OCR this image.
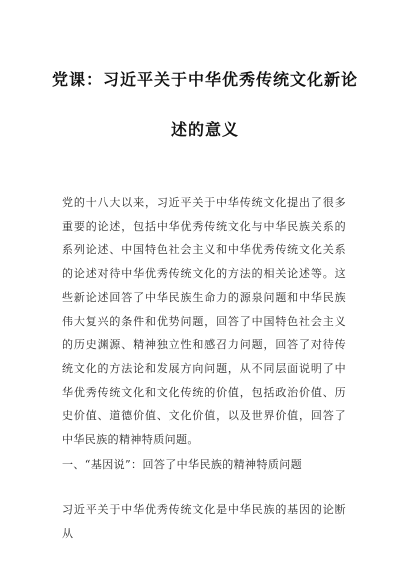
党课：习近平关于中华优秀传统文化新论
述的意义

党的十八大以来，习近平关于中华传统文化提出了很多重要的论述，包括中华优秀传统文化与中华民族关系的系列论述、中国特色社会主义和中华优秀传统文化关系的论述对待中华优秀传统文化的方法的相关论述等。这些新论述回答了中华民族生命力的源泉问题和中华民族伟大复兴的条件和优势问题，回答了中国特色社会主义的历史渊源、精神独立性和感召力问题，回答了对待传统文化的方法论和发展方向问题，从不同层面说明了中华优秀传统文化和文化传统的价值，包括政治价值、历史价值、道德价值、文化价值，以及世界价值，回答了中华民族的精神特质问题。

一、“基因说”：回答了中华民族的精神特质问题

习近平关于中华优秀传统文化是中华民族的基因的论断从
